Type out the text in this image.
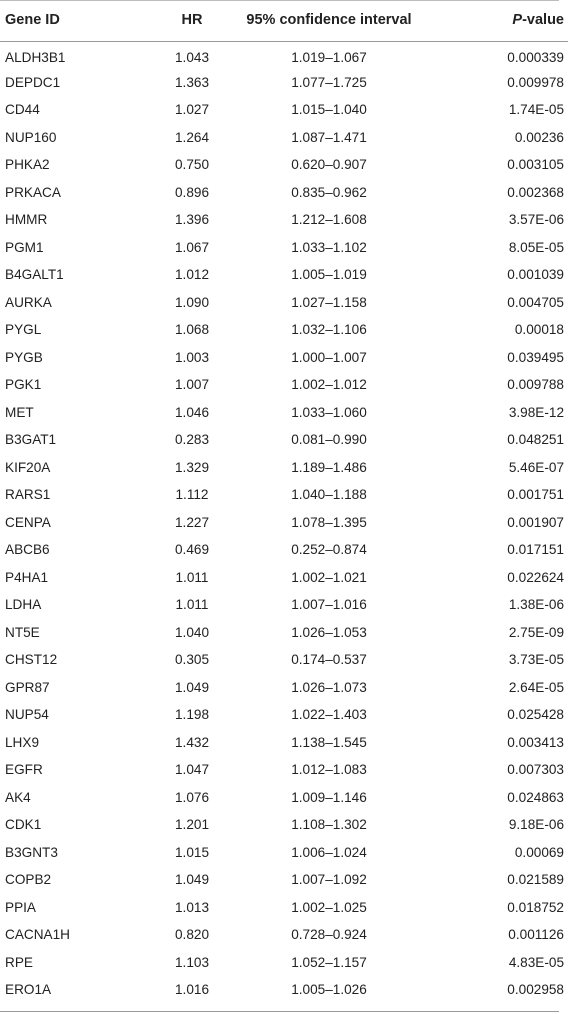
Gene ID	HR	95% confidence interval	P-value
ALDH3B1	1.043	1.019–1.067	0.000339
DEPDC1	1.363	1.077–1.725	0.009978
CD44	1.027	1.015–1.040	1.74E-05
NUP160	1.264	1.087–1.471	0.00236
PHKA2	0.750	0.620–0.907	0.003105
PRKACA	0.896	0.835–0.962	0.002368
HMMR	1.396	1.212–1.608	3.57E-06
PGM1	1.067	1.033–1.102	8.05E-05
B4GALT1	1.012	1.005–1.019	0.001039
AURKA	1.090	1.027–1.158	0.004705
PYGL	1.068	1.032–1.106	0.00018
PYGB	1.003	1.000–1.007	0.039495
PGK1	1.007	1.002–1.012	0.009788
MET	1.046	1.033–1.060	3.98E-12
B3GAT1	0.283	0.081–0.990	0.048251
KIF20A	1.329	1.189–1.486	5.46E-07
RARS1	1.112	1.040–1.188	0.001751
CENPA	1.227	1.078–1.395	0.001907
ABCB6	0.469	0.252–0.874	0.017151
P4HA1	1.011	1.002–1.021	0.022624
LDHA	1.011	1.007–1.016	1.38E-06
NT5E	1.040	1.026–1.053	2.75E-09
CHST12	0.305	0.174–0.537	3.73E-05
GPR87	1.049	1.026–1.073	2.64E-05
NUP54	1.198	1.022–1.403	0.025428
LHX9	1.432	1.138–1.545	0.003413
EGFR	1.047	1.012–1.083	0.007303
AK4	1.076	1.009–1.146	0.024863
CDK1	1.201	1.108–1.302	9.18E-06
B3GNT3	1.015	1.006–1.024	0.00069
COPB2	1.049	1.007–1.092	0.021589
PPIA	1.013	1.002–1.025	0.018752
CACNA1H	0.820	0.728–0.924	0.001126
RPE	1.103	1.052–1.157	4.83E-05
ERO1A	1.016	1.005–1.026	0.002958
